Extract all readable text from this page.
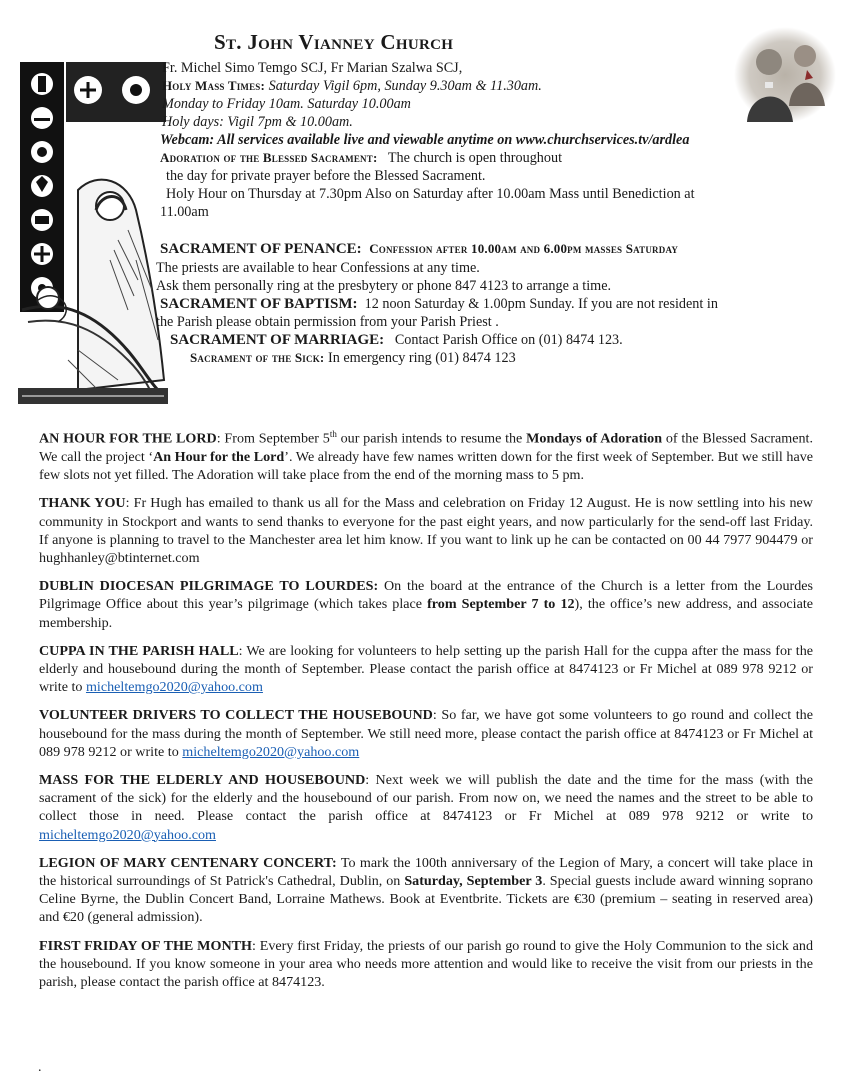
St. John Vianney Church
Fr. Michel Simo Temgo SCJ, Fr Marian Szalwa SCJ,
Holy Mass Times: Saturday Vigil 6pm, Sunday 9.30am & 11.30am.
Monday to Friday 10am. Saturday 10.00am
Holy days: Vigil 7pm & 10.00am.
Webcam: All services available live and viewable anytime on www.churchservices.tv/ardlea
Adoration of the Blessed Sacrament: The church is open throughout
the day for private prayer before the Blessed Sacrament.
Holy Hour on Thursday at 7.30pm Also on Saturday after 10.00am Mass until Benediction at
11.00am
SACRAMENT OF PENANCE: Confession after 10.00am and 6.00pm masses Saturday
The priests are available to hear Confessions at any time.
Ask them personally ring at the presbytery or phone 847 4123 to arrange a time.
SACRAMENT OF BAPTISM: 12 noon Saturday & 1.00pm Sunday. If you are not resident in
the Parish please obtain permission from your Parish Priest .
SACRAMENT OF MARRIAGE: Contact Parish Office on (01) 8474 123.
Sacrament of the Sick: In emergency ring (01) 8474 123

AN HOUR FOR THE LORD: From September 5th our parish intends to resume the Mondays of Adoration of the Blessed Sacrament. We call the project ‘An Hour for the Lord’. We already have few names written down for the first week of September. But we still have few slots not yet filled. The Adoration will take place from the end of the morning mass to 5 pm.

THANK YOU: Fr Hugh has emailed to thank us all for the Mass and celebration on Friday 12 August. He is now settling into his new community in Stockport and wants to send thanks to everyone for the past eight years, and now particularly for the send-off last Friday. If anyone is planning to travel to the Manchester area let him know. If you want to link up he can be contacted on 00 44 7977 904479 or hughhanley@btinternet.com

DUBLIN DIOCESAN PILGRIMAGE TO LOURDES: On the board at the entrance of the Church is a letter from the Lourdes Pilgrimage Office about this year’s pilgrimage (which takes place from September 7 to 12), the office’s new address, and associate membership.

CUPPA IN THE PARISH HALL: We are looking for volunteers to help setting up the parish Hall for the cuppa after the mass for the elderly and housebound during the month of September. Please contact the parish office at 8474123 or Fr Michel at 089 978 9212 or write to micheltemgo2020@yahoo.com

VOLUNTEER DRIVERS TO COLLECT THE HOUSEBOUND: So far, we have got some volunteers to go round and collect the housebound for the mass during the month of September. We still need more, please contact the parish office at 8474123 or Fr Michel at 089 978 9212 or write to micheltemgo2020@yahoo.com

MASS FOR THE ELDERLY AND HOUSEBOUND: Next week we will publish the date and the time for the mass (with the sacrament of the sick) for the elderly and the housebound of our parish. From now on, we need the names and the street to be able to collect those in need. Please contact the parish office at 8474123 or Fr Michel at 089 978 9212 or write to micheltemgo2020@yahoo.com

LEGION OF MARY CENTENARY CONCERT: To mark the 100th anniversary of the Legion of Mary, a concert will take place in the historical surroundings of St Patrick's Cathedral, Dublin, on Saturday, September 3. Special guests include award winning soprano Celine Byrne, the Dublin Concert Band, Lorraine Mathews. Book at Eventbrite. Tickets are €30 (premium – seating in reserved area) and €20 (general admission).

FIRST FRIDAY OF THE MONTH: Every first Friday, the priests of our parish go round to give the Holy Communion to the sick and the housebound. If you know someone in your area who needs more attention and would like to receive the visit from our priests in the parish, please contact the parish office at 8474123.

.
